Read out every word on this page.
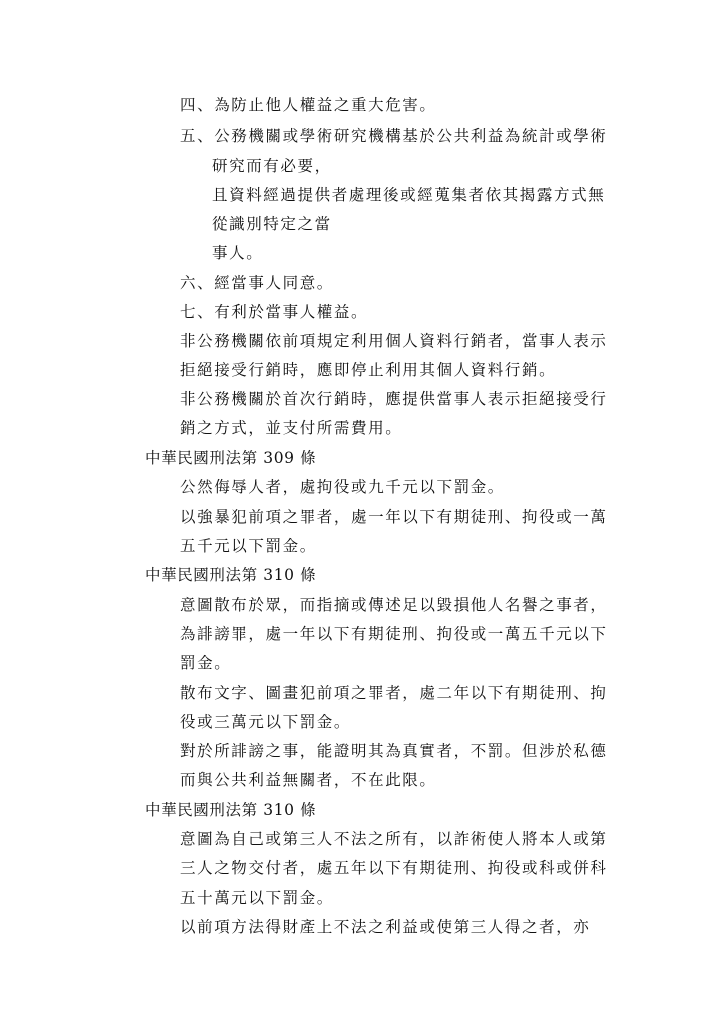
四、為防止他人權益之重大危害。
五、公務機關或學術研究機構基於公共利益為統計或學術
研究而有必要，
且資料經過提供者處理後或經蒐集者依其揭露方式無
從識別特定之當
事人。
六、經當事人同意。
七、有利於當事人權益。
非公務機關依前項規定利用個人資料行銷者，當事人表示
拒絕接受行銷時，應即停止利用其個人資料行銷。
非公務機關於首次行銷時，應提供當事人表示拒絕接受行
銷之方式，並支付所需費用。
中華民國刑法第 309 條
公然侮辱人者，處拘役或九千元以下罰金。
以強暴犯前項之罪者，處一年以下有期徒刑、拘役或一萬
五千元以下罰金。
中華民國刑法第 310 條
意圖散布於眾，而指摘或傳述足以毀損他人名譽之事者，
為誹謗罪，處一年以下有期徒刑、拘役或一萬五千元以下
罰金。
散布文字、圖畫犯前項之罪者，處二年以下有期徒刑、拘
役或三萬元以下罰金。
對於所誹謗之事，能證明其為真實者，不罰。但涉於私德
而與公共利益無關者，不在此限。
中華民國刑法第 310 條
意圖為自己或第三人不法之所有，以詐術使人將本人或第
三人之物交付者，處五年以下有期徒刑、拘役或科或併科
五十萬元以下罰金。
以前項方法得財產上不法之利益或使第三人得之者，亦
